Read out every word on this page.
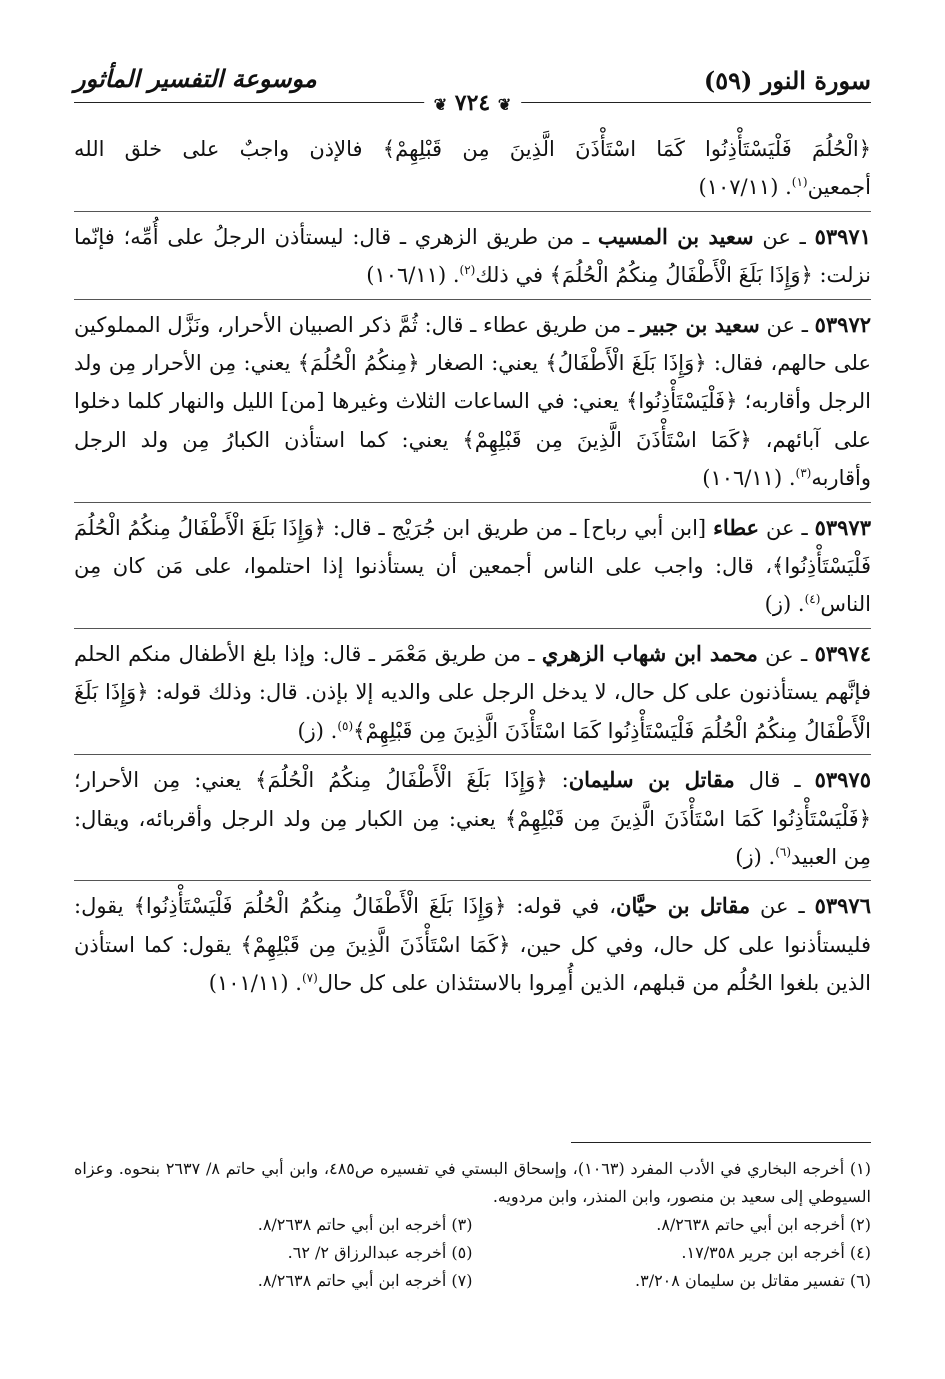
سورة النور (٥٩)
موسوعة التفسير المأثور
❦ ٧٢٤ ❦
﴿الْحُلُمَ فَلْيَسْتَأْذِنُوا كَمَا اسْتَأْذَنَ الَّذِينَ مِن قَبْلِهِمْ﴾ فالإذن واجبٌ على خلق الله أجمعين$^{(١)}$. (١٠٧/١١)
٥٣٩٧١ ـ عن سعيد بن المسيب ـ من طريق الزهري ـ قال: ليستأذن الرجلُ على أُمِّه؛ فإنّما نزلت: ﴿وَإِذَا بَلَغَ الْأَطْفَالُ مِنكُمُ الْحُلُمَ﴾ في ذلك$^{(٢)}$. (١٠٦/١١)
٥٣٩٧٢ ـ عن سعيد بن جبير ـ من طريق عطاء ـ قال: ثُمَّ ذكر الصبيان الأحرار، ونَزَّل المملوكين على حالهم، فقال: ﴿وَإِذَا بَلَغَ الْأَطْفَالُ﴾ يعني: الصغار ﴿مِنكُمُ الْحُلُمَ﴾ يعني: مِن الأحرار مِن ولد الرجل وأقاربه؛ ﴿فَلْيَسْتَأْذِنُوا﴾ يعني: في الساعات الثلاث وغيرها [من] الليل والنهار كلما دخلوا على آبائهم، ﴿كَمَا اسْتَأْذَنَ الَّذِينَ مِن قَبْلِهِمْ﴾ يعني: كما استأذن الكبارُ مِن ولد الرجل وأقاربه$^{(٣)}$. (١٠٦/١١)
٥٣٩٧٣ ـ عن عطاء [ابن أبي رباح] ـ من طريق ابن جُرَيْج ـ قال: ﴿وَإِذَا بَلَغَ الْأَطْفَالُ مِنكُمُ الْحُلُمَ فَلْيَسْتَأْذِنُوا﴾، قال: واجب على الناس أجمعين أن يستأذنوا إذا احتلموا، على مَن كان مِن الناس$^{(٤)}$. (ز)
٥٣٩٧٤ ـ عن محمد ابن شهاب الزهري ـ من طريق مَعْمَر ـ قال: وإذا بلغ الأطفال منكم الحلم فإنَّهم يستأذنون على كل حال، لا يدخل الرجل على والديه إلا بإذن. قال: وذلك قوله: ﴿وَإِذَا بَلَغَ الْأَطْفَالُ مِنكُمُ الْحُلُمَ فَلْيَسْتَأْذِنُوا كَمَا اسْتَأْذَنَ الَّذِينَ مِن قَبْلِهِمْ﴾$^{(٥)}$. (ز)
٥٣٩٧٥ ـ قال مقاتل بن سليمان: ﴿وَإِذَا بَلَغَ الْأَطْفَالُ مِنكُمُ الْحُلُمَ﴾ يعني: مِن الأحرار؛ ﴿فَلْيَسْتَأْذِنُوا كَمَا اسْتَأْذَنَ الَّذِينَ مِن قَبْلِهِمْ﴾ يعني: مِن الكبار مِن ولد الرجل وأقربائه، ويقال: مِن العبيد$^{(٦)}$. (ز)
٥٣٩٧٦ ـ عن مقاتل بن حيَّان، في قوله: ﴿وَإِذَا بَلَغَ الْأَطْفَالُ مِنكُمُ الْحُلُمَ فَلْيَسْتَأْذِنُوا﴾ يقول: فليستأذنوا على كل حال، وفي كل حين، ﴿كَمَا اسْتَأْذَنَ الَّذِينَ مِن قَبْلِهِمْ﴾ يقول: كما استأذن الذين بلغوا الحُلُم من قبلهم، الذين أُمِروا بالاستئذان على كل حال$^{(٧)}$. (١٠١/١١)
(١) أخرجه البخاري في الأدب المفرد (١٠٦٣)، وإسحاق البستي في تفسيره ص٤٨٥، وابن أبي حاتم ٨/ ٢٦٣٧ بنحوه. وعزاه السيوطي إلى سعيد بن منصور، وابن المنذر، وابن مردويه.
(٢) أخرجه ابن أبي حاتم ٨/٢٦٣٨.
(٣) أخرجه ابن أبي حاتم ٨/٢٦٣٨.
(٤) أخرجه ابن جرير ١٧/٣٥٨.
(٥) أخرجه عبدالرزاق ٢/ ٦٢.
(٦) تفسير مقاتل بن سليمان ٣/٢٠٨.
(٧) أخرجه ابن أبي حاتم ٨/٢٦٣٨.
